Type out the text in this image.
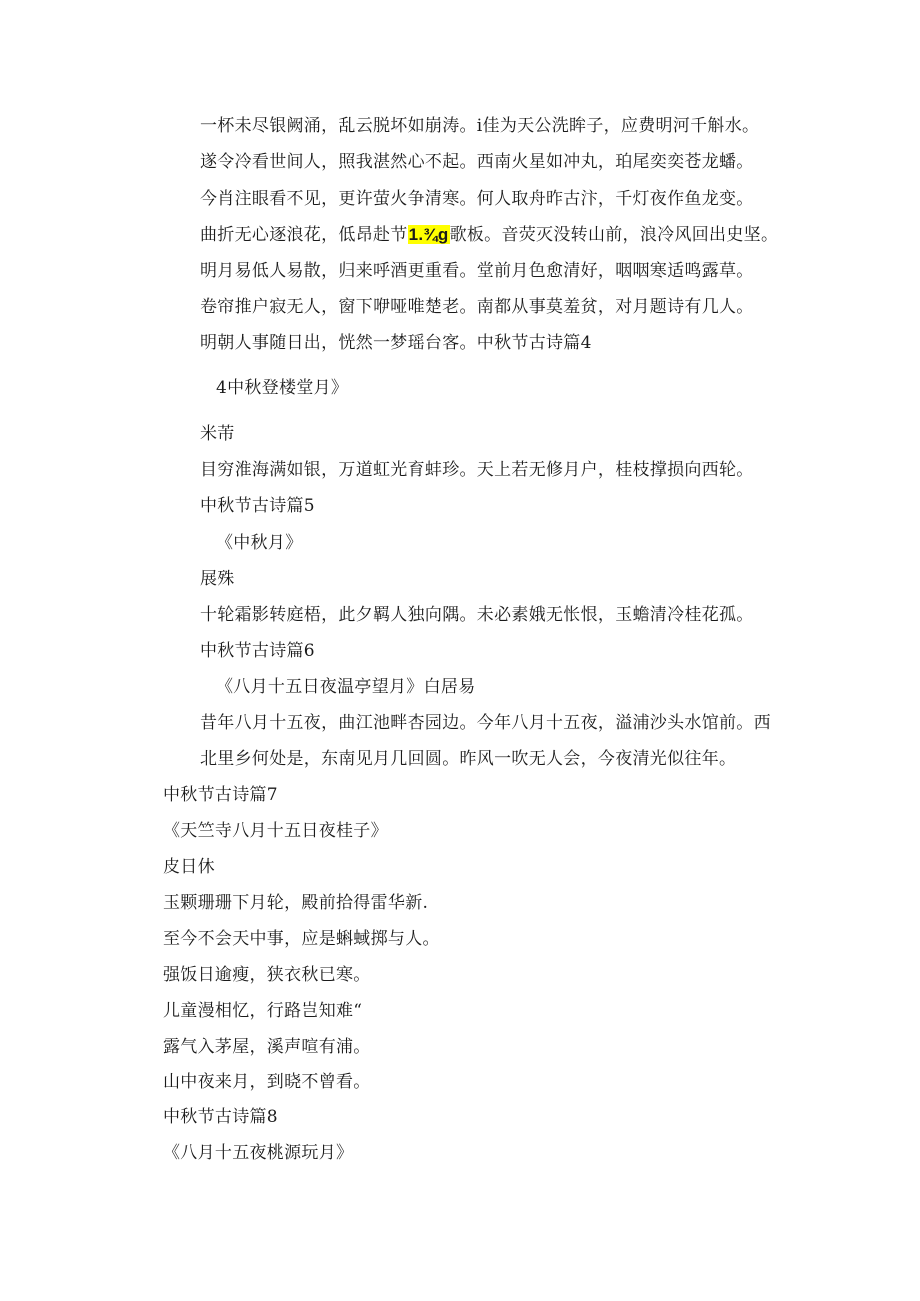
一杯未尽银阙涌，乱云脱坏如崩涛。i佳为天公洗眸子，应费明河千斛水。
遂令冷看世间人，照我湛然心不起。西南火星如冲丸，珀尾奕奕苍龙蟠。
今肖注眼看不见，更许萤火争清寒。何人取舟昨古汴，千灯夜作鱼龙变。
曲折无心逐浪花，低昂赴节1.¾g歌板。音荧灭没转山前，浪冷风回出史坚。
明月易低人易散，归来呼酒更重看。堂前月色愈清好，咽咽寒适鸣露草。
卷帘推户寂无人，窗下咿哑唯楚老。南都从事莫羞贫，对月题诗有几人。
明朝人事随日出，恍然一梦瑶台客。中秋节古诗篇4
4中秋登楼堂月》
米芾
目穷淮海满如银，万道虹光育蚌珍。天上若无修月户，桂枝撑损向西轮。
中秋节古诗篇5
《中秋月》
展殊
十轮霜影转庭梧，此夕羁人独向隅。未必素娥无怅恨，玉蟾清冷桂花孤。
中秋节古诗篇6
《八月十五日夜温亭望月》白居易
昔年八月十五夜，曲江池畔杏园边。今年八月十五夜，溢浦沙头水馆前。西
北里乡何处是，东南见月几回圆。昨风一吹无人会，今夜清光似往年。
中秋节古诗篇7
《天竺寺八月十五日夜桂子》
皮日休
玉颗珊珊下月轮，殿前拾得雷华新.
至今不会天中事，应是蝌蜮掷与人。
强饭日逾瘦，狭衣秋已寒。
儿童漫相忆，行路岂知难“
露气入茅屋，溪声喧有浦。
山中夜来月，到晓不曾看。
中秋节古诗篇8
《八月十五夜桃源玩月》
